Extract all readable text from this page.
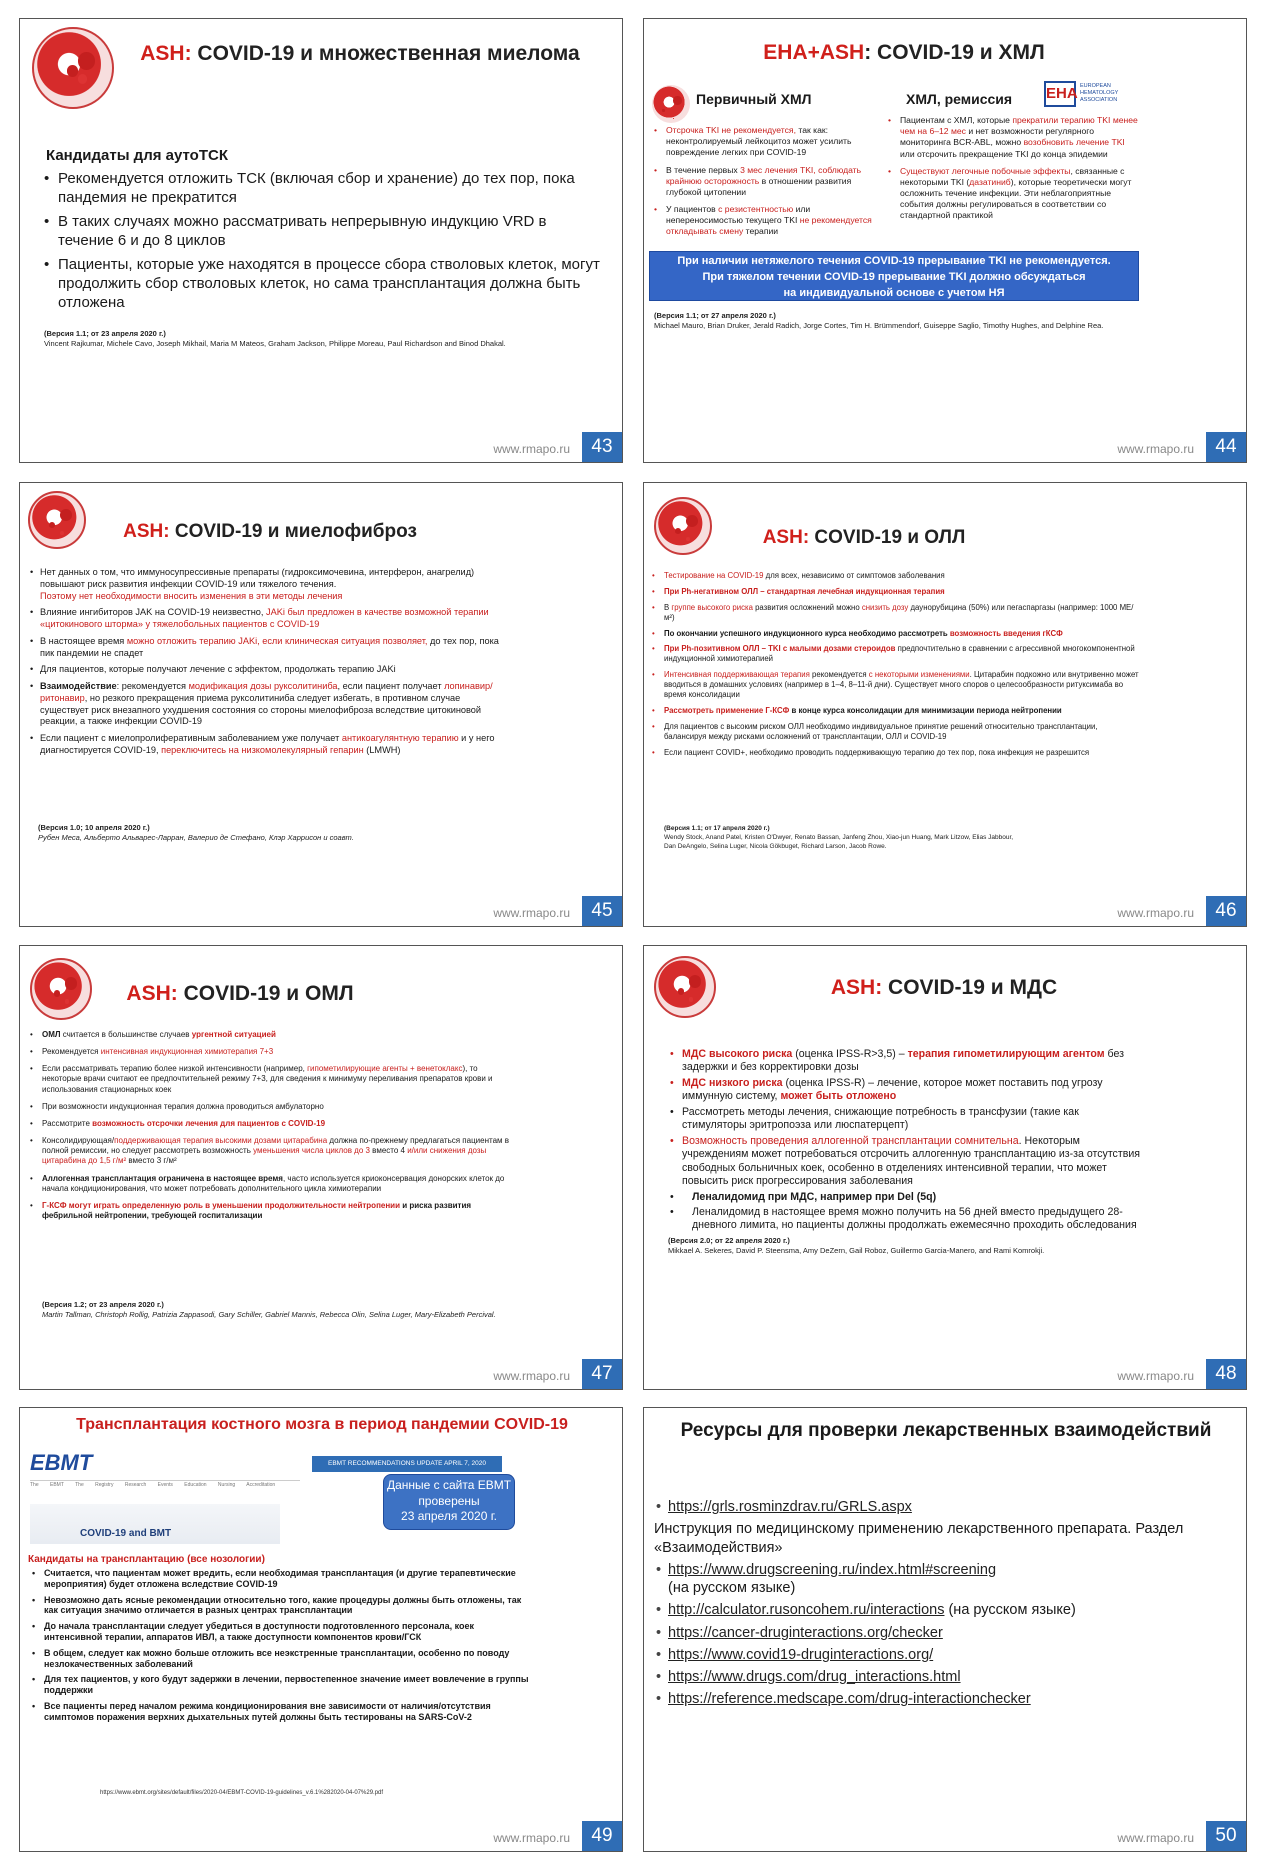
ASH: COVID-19 и множественная миелома
Кандидаты для аутоТСК
• Рекомендуется отложить ТСК (включая сбор и хранение) до тех пор, пока пандемия не прекратится
• В таких случаях можно рассматривать непрерывную индукцию VRD в течение 6 и до 8 циклов
• Пациенты, которые уже находятся в процессе сбора стволовых клеток, могут продолжить сбор стволовых клеток, но сама трансплантация должна быть отложена
(Версия 1.1; от 23 апреля 2020 г.)
Vincent Rajkumar, Michele Cavo, Joseph Mikhail, Maria M Mateos, Graham Jackson, Philippe Moreau, Paul Richardson and Binod Dhakal.
www.rmapo.ru	43
EHA+ASH: COVID-19 и ХМЛ
Первичный ХМЛ	ХМЛ, ремиссия ЕНА EUROPEAN HEMATOLOGY ASSOCIATION
• Отсрочка TKI не рекомендуется, так как: неконтролируемый лейкоцитоз может усилить повреждение легких при COVID-19
• В течение первых 3 мес лечения TKI, соблюдать крайнюю осторожность в отношении развития глубокой цитопении
• У пациентов с резистентностью или непереносимостью текущего TKI не рекомендуется откладывать смену терапии
• Пациентам с ХМЛ, которые прекратили терапию TKI менее чем на 6–12 мес и нет возможности регулярного мониторинга BCR-ABL, можно возобновить лечение TKI или отсрочить прекращение TKI до конца эпидемии
• Существуют легочные побочные эффекты, связанные с некоторыми TKI (дазатиниб), которые теоретически могут осложнить течение инфекции. Эти неблагоприятные события должны регулироваться в соответствии со стандартной практикой
При наличии нетяжелого течения COVID-19 прерывание TKI не рекомендуется.
При тяжелом течении COVID-19 прерывание TKI должно обсуждаться
на индивидуальной основе с учетом НЯ
(Версия 1.1; от 27 апреля 2020 г.)
Michael Mauro, Brian Druker, Jerald Radich, Jorge Cortes, Tim H. Brümmendorf, Guiseppe Saglio, Timothy Hughes, and Delphine Rea.
www.rmapo.ru	44
ASH: COVID-19 и миелофиброз
• Нет данных о том, что иммуносупрессивные препараты (гидроксимочевина, интерферон, анагрелид) повышают риск развития инфекции COVID-19 или тяжелого течения.
Поэтому нет необходимости вносить изменения в эти методы лечения
• Влияние ингибиторов JAK на COVID-19 неизвестно, JAKi был предложен в качестве возможной терапии «цитокинового шторма» у тяжелобольных пациентов с COVID-19
• В настоящее время можно отложить терапию JAKi, если клиническая ситуация позволяет, до тех пор, пока пик пандемии не спадет
• Для пациентов, которые получают лечение с эффектом, продолжать терапию JAKi
• Взаимодействие: рекомендуется модификация дозы руксолитиниба, если пациент получает лопинавир/ритонавир, но резкого прекращения приема руксолитиниба следует избегать, в противном случае существует риск внезапного ухудшения состояния со стороны миелофиброза вследствие цитокиновой реакции, а также инфекции COVID-19
• Если пациент с миелопролиферативным заболеванием уже получает антикоагулянтную терапию и у него диагностируется COVID-19, переключитесь на низкомолекулярный гепарин (LMWH)
(Версия 1.0; 10 апреля 2020 г.)
Рубен Меса, Альберто Альварес-Ларран, Валерио де Стефано, Клэр Харрисон и соавт.
www.rmapo.ru	45
ASH: COVID-19 и ОЛЛ
• Тестирование на COVID-19 для всех, независимо от симптомов заболевания
• При Ph-негативном ОЛЛ – стандартная лечебная индукционная терапия
• В группе высокого риска развития осложнений можно снизить дозу даунорубицина (50%) или пегаспаргазы (например: 1000 МЕ/м²)
• По окончании успешного индукционного курса необходимо рассмотреть возможность введения гКСФ
• При Ph-позитивном ОЛЛ – TKI с малыми дозами стероидов предпочтительно в сравнении с агрессивной многокомпонентной индукционной химиотерапией
• Интенсивная поддерживающая терапия рекомендуется с некоторыми изменениями. Цитарабин подкожно или внутривенно может вводиться в домашних условиях (например в 1–4, 8–11-й дни). Существует много споров о целесообразности ритуксимаба во время консолидации
• Рассмотреть применение Г-КСФ в конце курса консолидации для минимизации периода нейтропении
• Для пациентов с высоким риском ОЛЛ необходимо индивидуальное принятие решений относительно трансплантации, балансируя между рисками осложнений от трансплантации, ОЛЛ и COVID-19
• Если пациент COVID+, необходимо проводить поддерживающую терапию до тех пор, пока инфекция не разрешится
(Версия 1.1; от 17 апреля 2020 г.)
Wendy Stock, Anand Patel, Kristen O'Dwyer, Renato Bassan, Janfeng Zhou, Xiao-jun Huang, Mark Litzow, Elias Jabbour, Dan DeAngelo, Selina Luger, Nicola Gökbuget, Richard Larson, Jacob Rowe.
www.rmapo.ru	46
ASH: COVID-19 и ОМЛ
• ОМЛ считается в большинстве случаев ургентной ситуацией
• Рекомендуется интенсивная индукционная химиотерапия 7+3
• Если рассматривать терапию более низкой интенсивности (например, гипометилирующие агенты + венетоклакс), то некоторые врачи считают ее предпочтительней режиму 7+3, для сведения к минимуму переливания препаратов крови и использования стационарных коек
• При возможности индукционная терапия должна проводиться амбулаторно
• Рассмотрите возможность отсрочки лечения для пациентов с COVID-19
• Консолидирующая/поддерживающая терапия высокими дозами цитарабина должна по-прежнему предлагаться пациентам в полной ремиссии, но следует рассмотреть возможность уменьшения числа циклов до 3 вместо 4 и/или снижения дозы цитарабина до 1,5 г/м² вместо 3 г/м²
• Аллогенная трансплантация ограничена в настоящее время, часто используется криоконсервация донорских клеток до начала кондиционирования, что может потребовать дополнительного цикла химиотерапии
• Г-КСФ могут играть определенную роль в уменьшении продолжительности нейтропении и риска развития фебрильной нейтропении, требующей госпитализации
(Версия 1.2; от 23 апреля 2020 г.)
Martin Tallman, Christoph Rollig, Patrizia Zappasodi, Gary Schiller, Gabriel Mannis, Rebecca Olin, Selina Luger, Mary-Elizabeth Percival.
www.rmapo.ru	47
ASH: COVID-19 и МДС
• МДС высокого риска (оценка IPSS-R>3,5) – терапия гипометилирующим агентом без задержки и без корректировки дозы
• МДС низкого риска (оценка IPSS-R) – лечение, которое может поставить под угрозу иммунную систему, может быть отложено
• Рассмотреть методы лечения, снижающие потребность в трансфузии (такие как стимуляторы эритропоэза или люспатерцепт)
• Возможность проведения аллогенной трансплантации сомнительна. Некоторым учреждениям может потребоваться отсрочить аллогенную трансплантацию из-за отсутствия свободных больничных коек, особенно в отделениях интенсивной терапии, что может повысить риск прогрессирования заболевания
• Леналидомид при МДС, например при Del (5q)
• Леналидомид в настоящее время можно получить на 56 дней вместо предыдущего 28-дневного лимита, но пациенты должны продолжать ежемесячно проходить обследования
(Версия 2.0; от 22 апреля 2020 г.)
Mikkael A. Sekeres, David P. Steensma, Amy DeZern, Gail Roboz, Guillermo Garcia-Manero, and Rami Komrokji.
www.rmapo.ru	48
Трансплантация костного мозга в период пандемии COVID-19
EBMT
The EBMT The Registry Research Events Education Nursing Accreditation
EBMT RECOMMENDATIONS UPDATE APRIL 7, 2020
COVID-19 and BMT
Данные с сайта EBMT
проверены
23 апреля 2020 г.
Кандидаты на трансплантацию (все нозологии)
• Считается, что пациентам может вредить, если необходимая трансплантация (и другие терапевтические мероприятия) будет отложена вследствие COVID-19
• Невозможно дать ясные рекомендации относительно того, какие процедуры должны быть отложены, так как ситуация значимо отличается в разных центрах трансплантации
• До начала трансплантации следует убедиться в доступности подготовленного персонала, коек интенсивной терапии, аппаратов ИВЛ, а также доступности компонентов крови/ГСК
• В общем, следует как можно больше отложить все неэкстренные трансплантации, особенно по поводу незлокачественных заболеваний
• Для тех пациентов, у кого будут задержки в лечении, первостепенное значение имеет вовлечение в группы поддержки
• Все пациенты перед началом режима кондиционирования вне зависимости от наличия/отсутствия симптомов поражения верхних дыхательных путей должны быть тестированы на SARS-CoV-2
https://www.ebmt.org/sites/default/files/2020-04/EBMT-COVID-19-guidelines_v.6.1%282020-04-07%29.pdf
www.rmapo.ru	49
Ресурсы для проверки лекарственных взаимодействий
• https://grls.rosminzdrav.ru/GRLS.aspx
Инструкция по медицинскому применению лекарственного препарата. Раздел «Взаимодействия»
• https://www.drugscreening.ru/index.html#screening
(на русском языке)
• http://calculator.rusoncohem.ru/interactions (на русском языке)
• https://cancer-druginteractions.org/checker
• https://www.covid19-druginteractions.org/
• https://www.drugs.com/drug_interactions.html
• https://reference.medscape.com/drug-interactionchecker
www.rmapo.ru	50
